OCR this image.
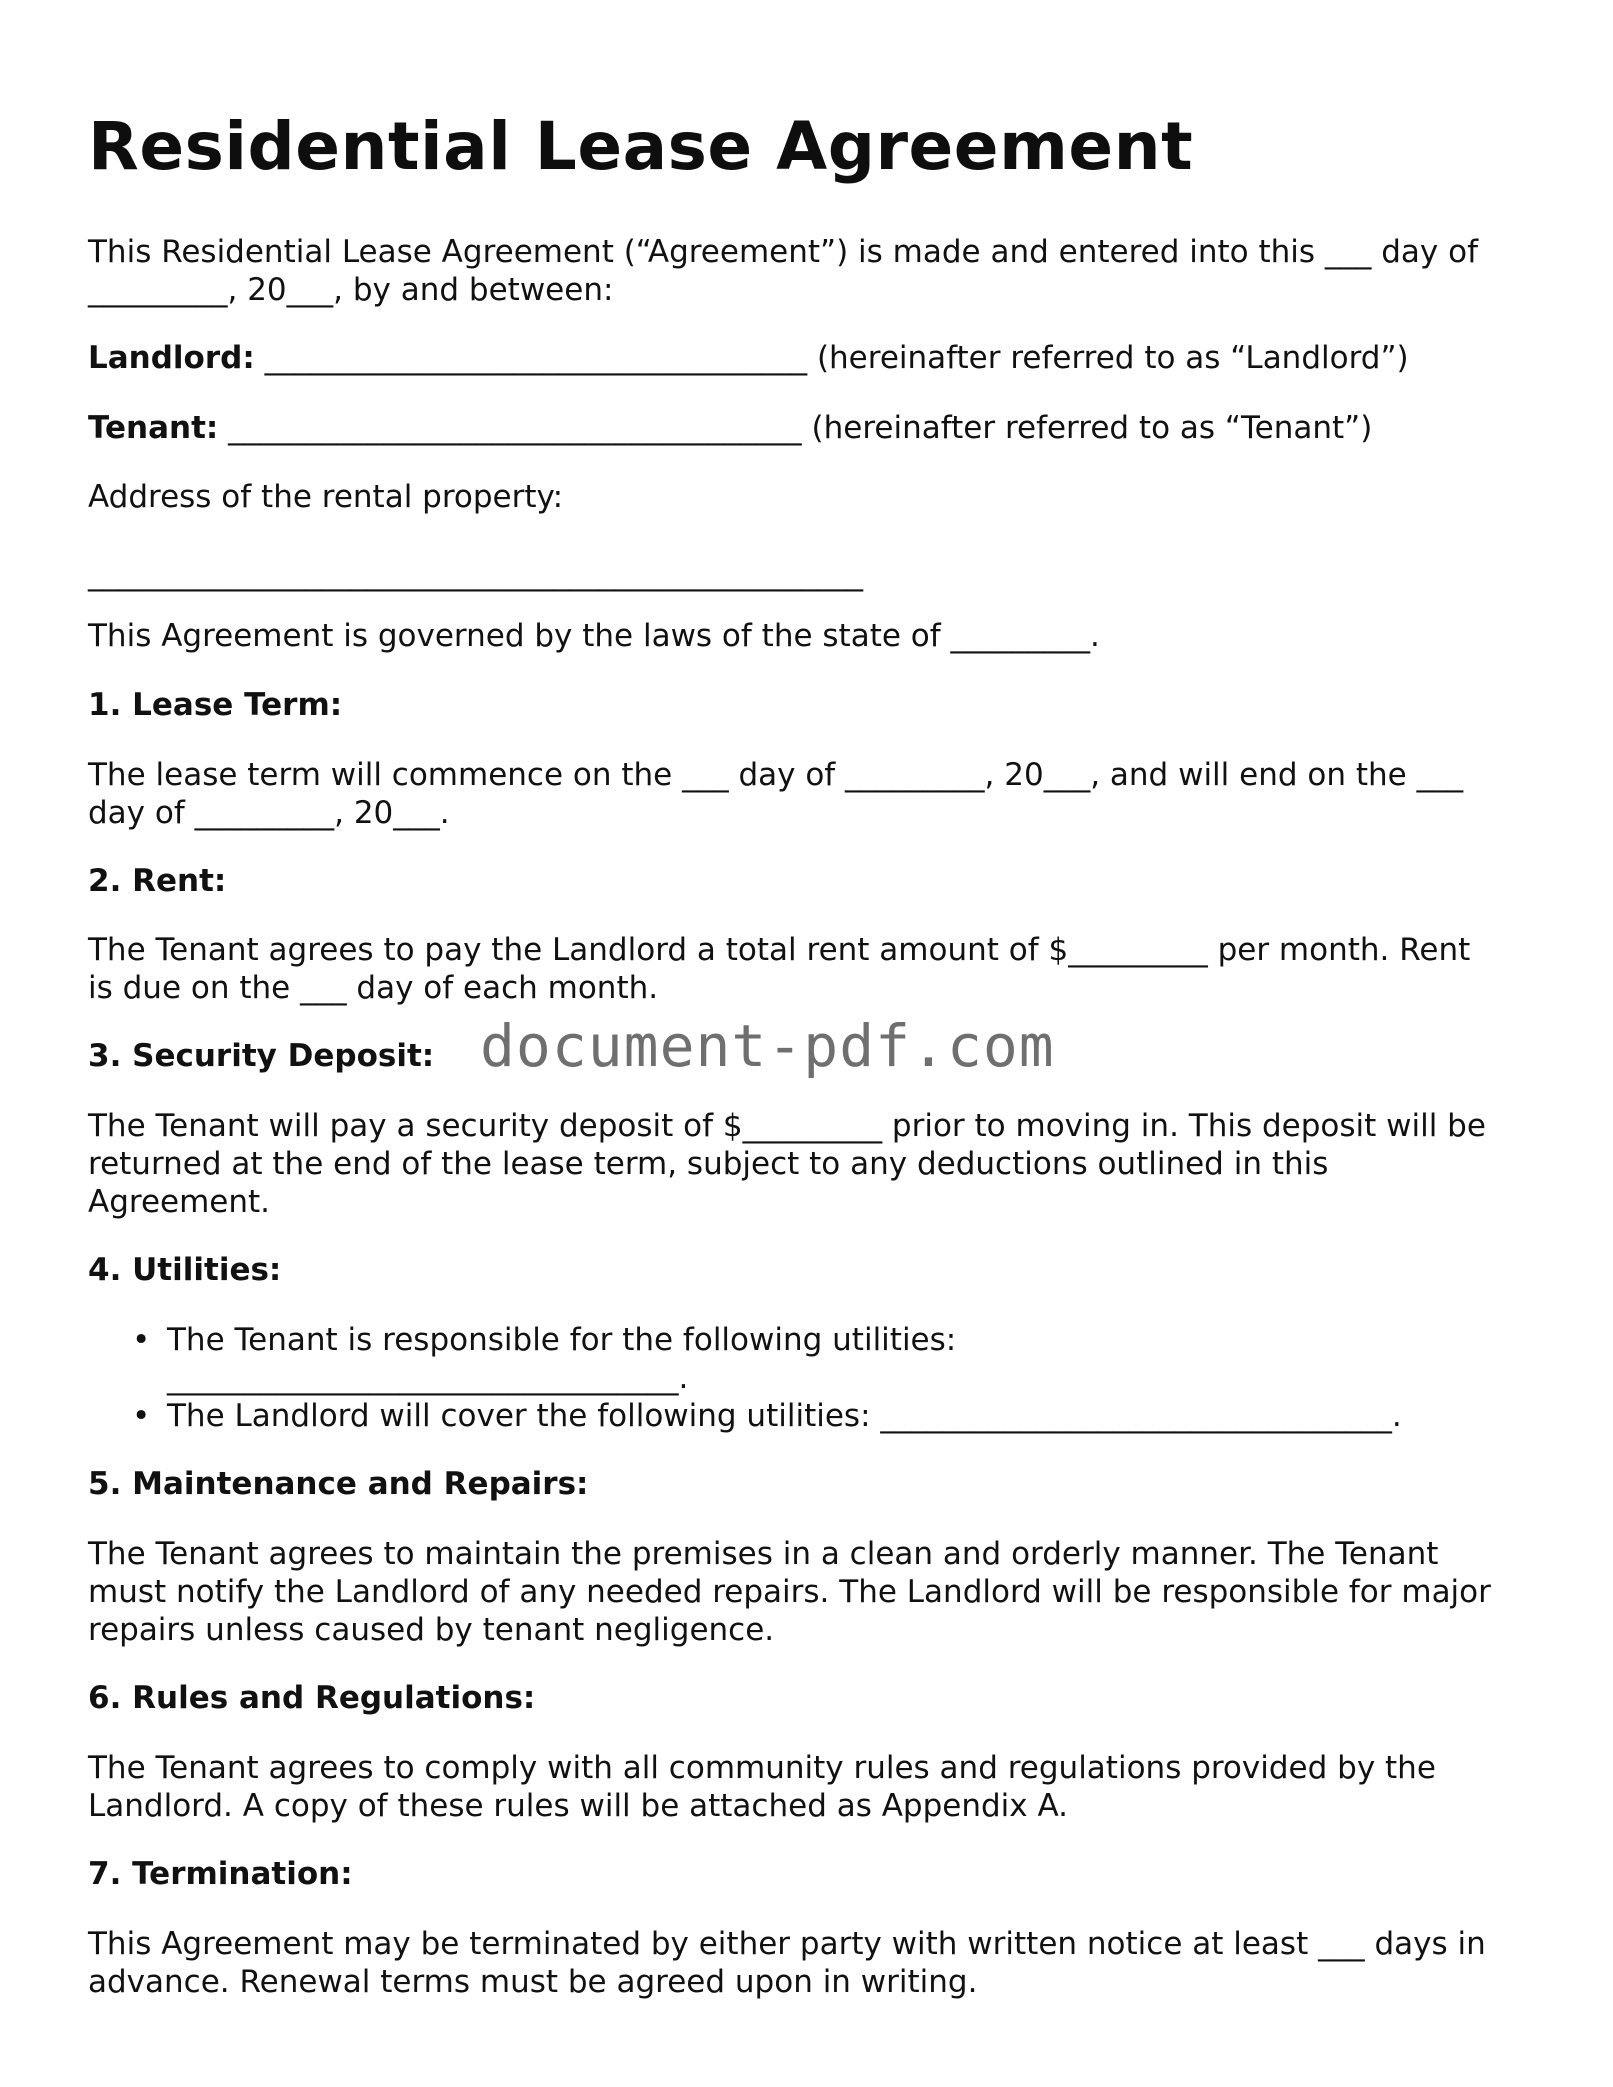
Residential Lease Agreement

This Residential Lease Agreement (“Agreement”) is made and entered into this ___ day of

_________, 20___, by and between:

Landlord: ___________________________________ (hereinafter referred to as “Landlord”)

Tenant: _____________________________________ (hereinafter referred to as “Tenant”)

Address of the rental property:

__________________________________________________

This Agreement is governed by the laws of the state of _________.

1. Lease Term:

The lease term will commence on the ___ day of _________, 20___, and will end on the ___

day of _________, 20___.

2. Rent:

The Tenant agrees to pay the Landlord a total rent amount of $_________ per month. Rent

is due on the ___ day of each month.

3. Security Deposit: document-pdf.com

The Tenant will pay a security deposit of $_________ prior to moving in. This deposit will be

returned at the end of the lease term, subject to any deductions outlined in this

Agreement.

4. Utilities:

• The Tenant is responsible for the following utilities:

_________________________________.

• The Landlord will cover the following utilities: _________________________________.

5. Maintenance and Repairs:

The Tenant agrees to maintain the premises in a clean and orderly manner. The Tenant

must notify the Landlord of any needed repairs. The Landlord will be responsible for major

repairs unless caused by tenant negligence.

6. Rules and Regulations:

The Tenant agrees to comply with all community rules and regulations provided by the

Landlord. A copy of these rules will be attached as Appendix A.

7. Termination:

This Agreement may be terminated by either party with written notice at least ___ days in

advance. Renewal terms must be agreed upon in writing.
